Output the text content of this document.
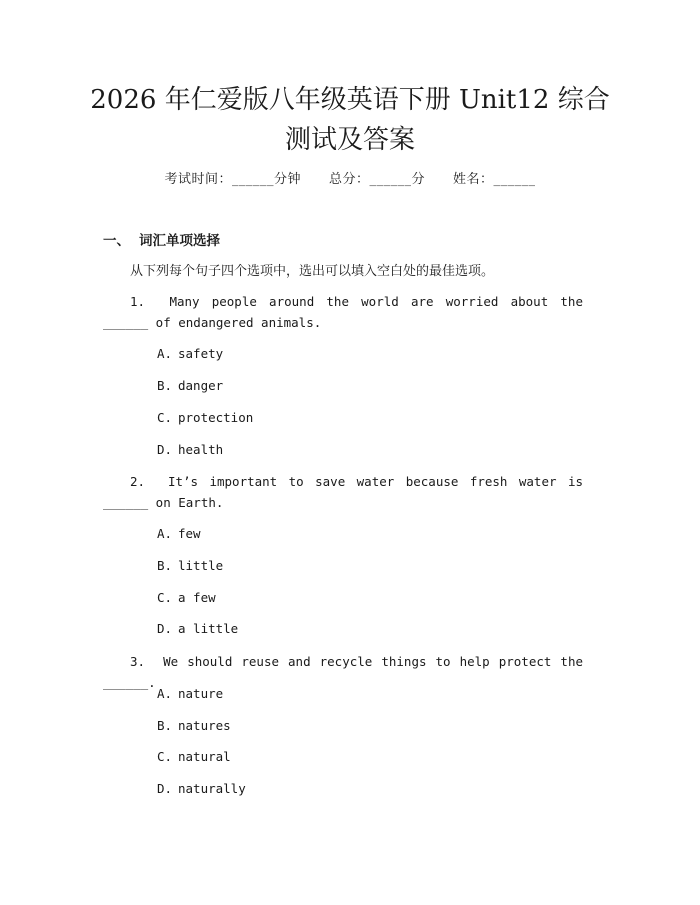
2026 年仁爱版八年级英语下册 Unit12 综合
测试及答案
考试时间：______分钟 总分：______分 姓名：______
一、 词汇单项选择
从下列每个句子四个选项中，选出可以填入空白处的最佳选项。
1. Many people around the world are worried about the ______ of endangered animals.
A. safety
B. danger
C. protection
D. health
2. It’s important to save water because fresh water is ______ on Earth.
A. few
B. little
C. a few
D. a little
3. We should reuse and recycle things to help protect the ______.
A. nature
B. natures
C. natural
D. naturally
